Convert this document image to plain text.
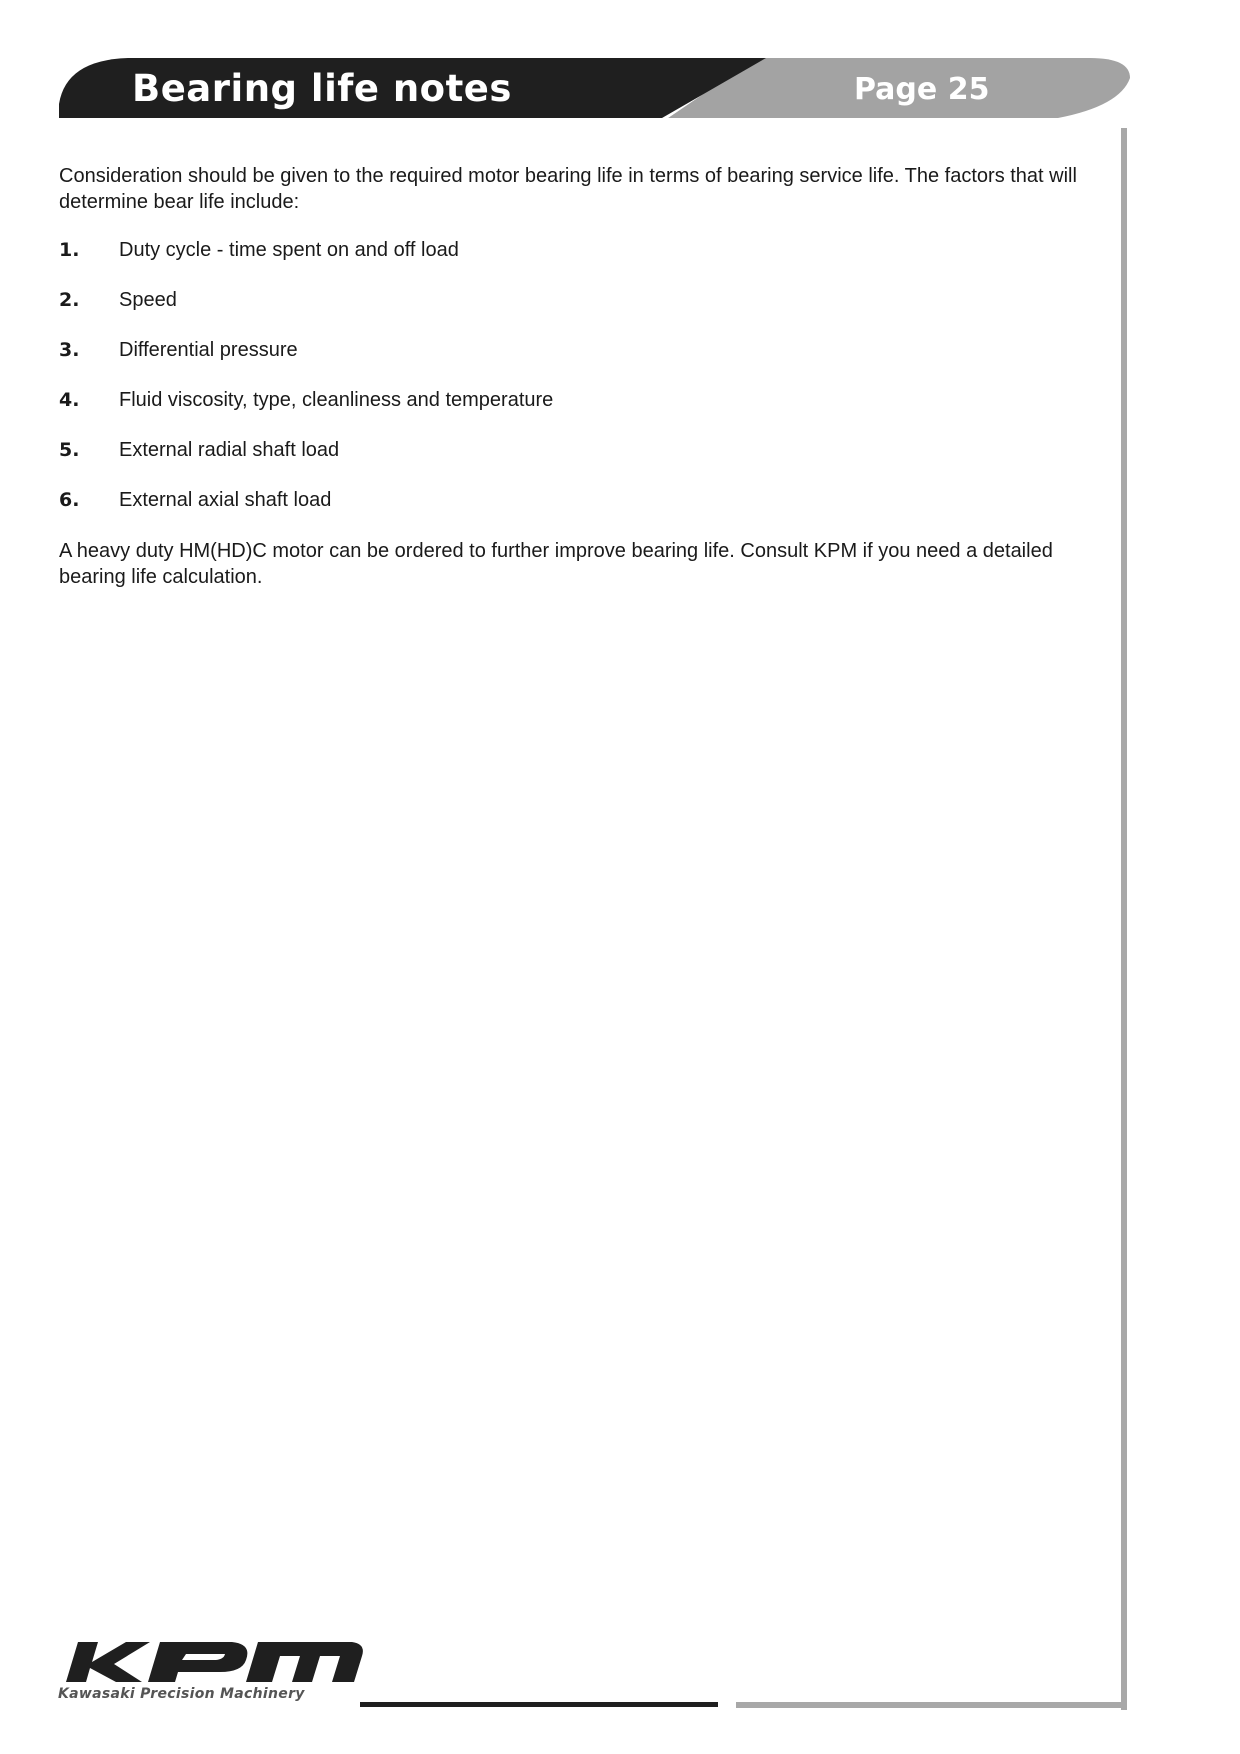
Bearing life notes	Page 25

Consideration should be given to the required motor bearing life in terms of bearing service life. The factors that will determine bear life include:

1.	Duty cycle - time spent on and off load
2.	Speed
3.	Differential pressure
4.	Fluid viscosity, type, cleanliness and temperature
5.	External radial shaft load
6.	External axial shaft load

A heavy duty HM(HD)C motor can be ordered to further improve bearing life. Consult KPM if you need a detailed bearing life calculation.

KPM
Kawasaki Precision Machinery
